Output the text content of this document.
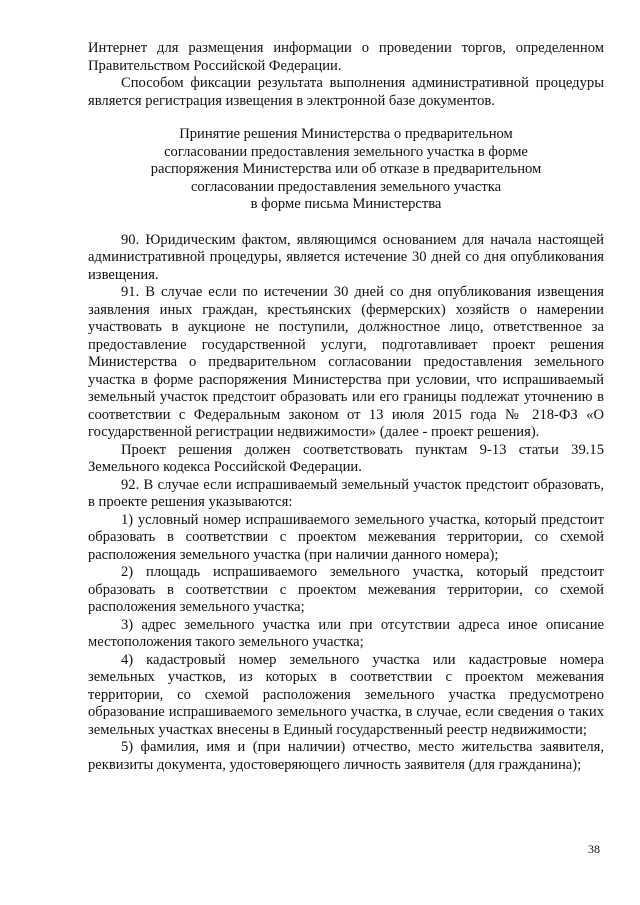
Интернет для размещения информации о проведении торгов, определенном Правительством Российской Федерации.

Способом фиксации результата выполнения административной процедуры является регистрация извещения в электронной базе документов.

Принятие решения Министерства о предварительном
согласовании предоставления земельного участка в форме
распоряжения Министерства или об отказе в предварительном
согласовании предоставления земельного участка
в форме письма Министерства

90. Юридическим фактом, являющимся основанием для начала настоящей административной процедуры, является истечение 30 дней со дня опубликования извещения.

91. В случае если по истечении 30 дней со дня опубликования извещения заявления иных граждан, крестьянских (фермерских) хозяйств о намерении участвовать в аукционе не поступили, должностное лицо, ответственное за предоставление государственной услуги, подготавливает проект решения Министерства о предварительном согласовании предоставления земельного участка в форме распоряжения Министерства при условии, что испрашиваемый земельный участок предстоит образовать или его границы подлежат уточнению в соответствии с Федеральным законом от 13 июля 2015 года № 218-ФЗ «О государственной регистрации недвижимости» (далее - проект решения).

Проект решения должен соответствовать пунктам 9-13 статьи 39.15 Земельного кодекса Российской Федерации.

92. В случае если испрашиваемый земельный участок предстоит образовать, в проекте решения указываются:

1) условный номер испрашиваемого земельного участка, который предстоит образовать в соответствии с проектом межевания территории, со схемой расположения земельного участка (при наличии данного номера);

2) площадь испрашиваемого земельного участка, который предстоит образовать в соответствии с проектом межевания территории, со схемой расположения земельного участка;

3) адрес земельного участка или при отсутствии адреса иное описание местоположения такого земельного участка;

4) кадастровый номер земельного участка или кадастровые номера земельных участков, из которых в соответствии с проектом межевания территории, со схемой расположения земельного участка предусмотрено образование испрашиваемого земельного участка, в случае, если сведения о таких земельных участках внесены в Единый государственный реестр недвижимости;

5) фамилия, имя и (при наличии) отчество, место жительства заявителя, реквизиты документа, удостоверяющего личность заявителя (для гражданина);

38
